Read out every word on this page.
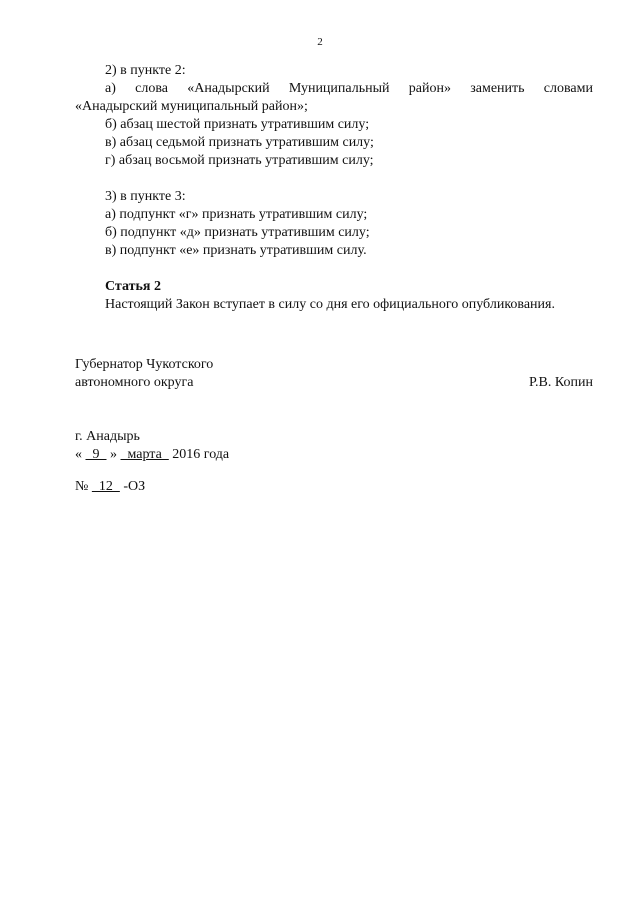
2

2) в пункте 2:

а) слова «Анадырский Муниципальный район» заменить словами

«Анадырский муниципальный район»;

б) абзац шестой признать утратившим силу;

в) абзац седьмой признать утратившим силу;

г) абзац восьмой признать утратившим силу;

3) в пункте 3:

а) подпункт «г» признать утратившим силу;

б) подпункт «д» признать утратившим силу;

в) подпункт «е» признать утратившим силу.

Статья 2

Настоящий Закон вступает в силу со дня его официального опубликования.

Губернатор Чукотского
автономного округа	Р.В. Копин
г. Анадырь
«   9   »   марта   2016 года
№   12   -ОЗ
